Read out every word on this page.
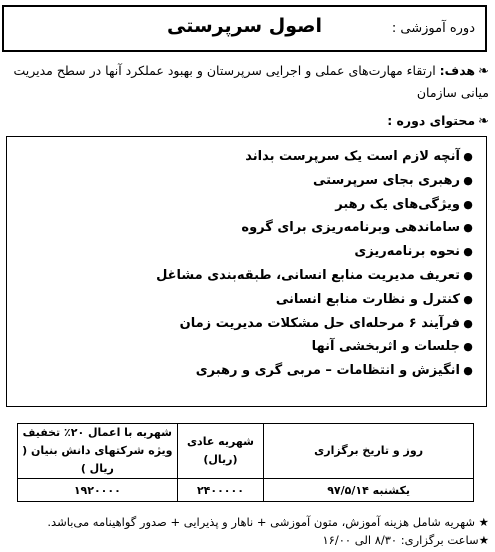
دوره آموزشی :
اصول سرپرستی
❧هدف: ارتقاء مهارت‌های عملی و اجرایی سرپرستان و بهبود عملکرد آنها در سطح مدیریت میانی سازمان
❧محتوای دوره :
●آنچه لازم است یک سرپرست بداند
●رهبری بجای سرپرستی
●ویژگی‌های یک رهبر
●ساماندهی وبرنامه‌ریزی برای گروه
●نحوه برنامه‌ریزی
●تعریف مدیریت منابع انسانی، طبقه‌بندی مشاغل
●کنترل و نظارت منابع انسانی
●فرآیند ۶ مرحله‌ای حل مشکلات مدیریت زمان
●جلسات و اثربخشی آنها
●انگیزش و انتظامات – مربی گری و رهبری
روز و تاریخ برگزاری	شهریه عادی (ریال)	شهریه با اعمال ۲۰٪ تخفیف ویژه شرکتهای دانش بنیان ( ریال )
یکشنبه ۹۷/۵/۱۴	۲۴۰۰۰۰۰	۱۹۲۰۰۰۰
★ شهریه شامل هزینه آموزش، متون آموزشی + ناهار و پذیرایی + صدور گواهینامه می‌باشد.
★ساعت برگزاری: ۸/۳۰ الی ۱۶/۰۰
